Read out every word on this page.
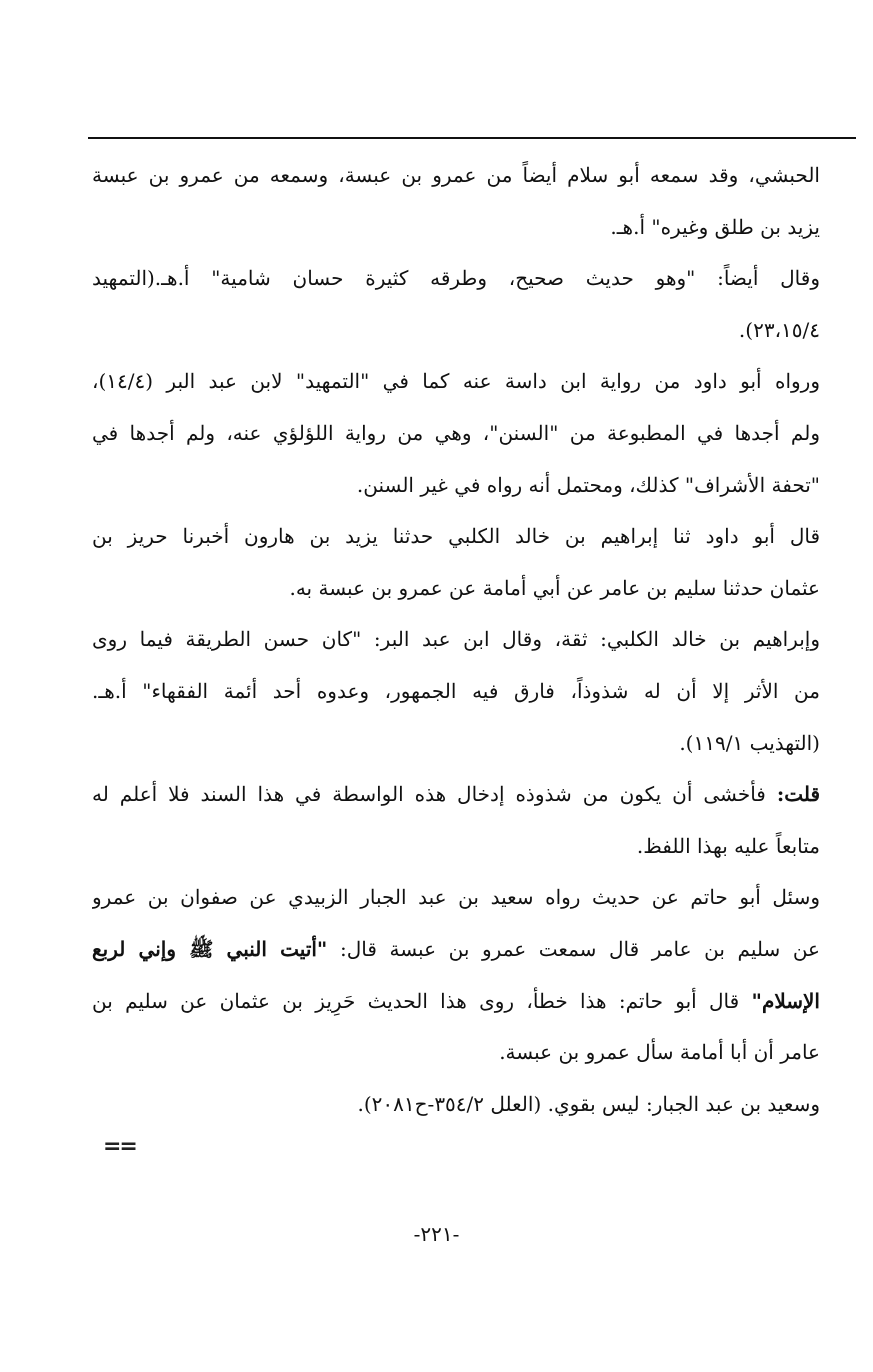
الحبشي، وقد سمعه أبو سلام أيضاً من عمرو بن عبسة، وسمعه من عمرو بن عبسة
يزيد بن طلق وغيره" أ.هـ.
وقال أيضاً: "وهو حديث صحيح، وطرقه كثيرة حسان شامية" أ.هـ.(التمهيد
٢٣،١٥/٤).
ورواه أبو داود من رواية ابن داسة عنه كما في "التمهيد" لابن عبد البر (١٤/٤)،
ولم أجدها في المطبوعة من "السنن"، وهي من رواية اللؤلؤي عنه، ولم أجدها في
"تحفة الأشراف" كذلك، ومحتمل أنه رواه في غير السنن.
قال أبو داود ثنا إبراهيم بن خالد الكلبي حدثنا يزيد بن هارون أخبرنا حريز بن
عثمان حدثنا سليم بن عامر عن أبي أمامة عن عمرو بن عبسة به.
وإبراهيم بن خالد الكلبي: ثقة، وقال ابن عبد البر: "كان حسن الطريقة فيما روى
من الأثر إلا أن له شذوذاً، فارق فيه الجمهور، وعدوه أحد أئمة الفقهاء" أ.هـ.
(التهذيب ١١٩/١).
قلت: فأخشى أن يكون من شذوذه إدخال هذه الواسطة في هذا السند فلا أعلم له
متابعاً عليه بهذا اللفظ.
وسئل أبو حاتم عن حديث رواه سعيد بن عبد الجبار الزبيدي عن صفوان بن عمرو
عن سليم بن عامر قال سمعت عمرو بن عبسة قال: "أتيت النبي ﷺ وإني لربع
الإسلام" قال أبو حاتم: هذا خطأ، روى هذا الحديث حَرِيز بن عثمان عن سليم بن
عامر أن أبا أمامة سأل عمرو بن عبسة.
وسعيد بن عبد الجبار: ليس بقوي. (العلل ٣٥٤/٢-ح٢٠٨١).
==
-٢٢١-
